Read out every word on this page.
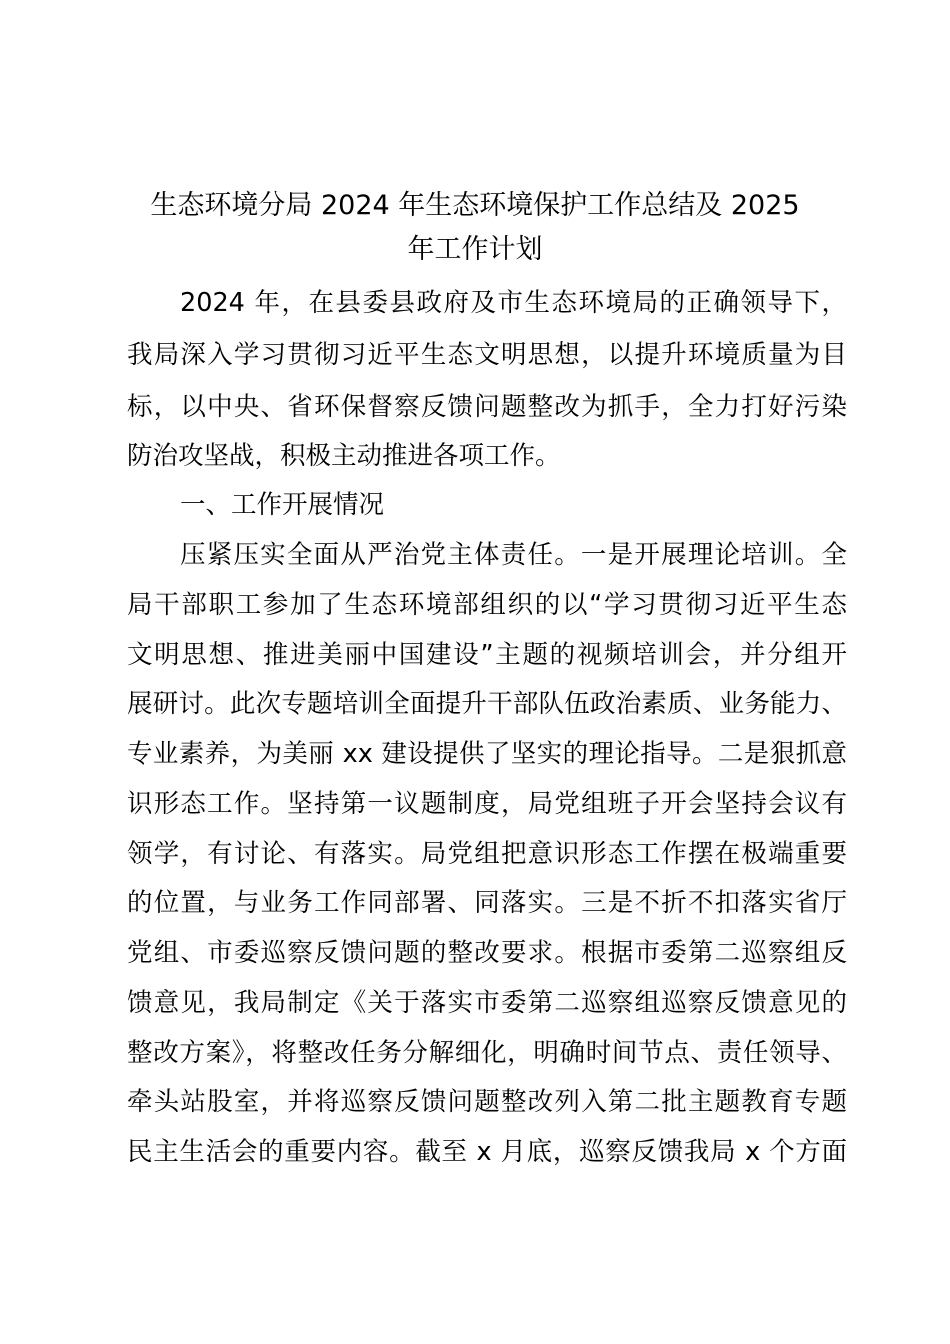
生态环境分局 2024 年生态环境保护工作总结及 2025
年工作计划
2024 年，在县委县政府及市生态环境局的正确领导下，
我局深入学习贯彻习近平生态文明思想，以提升环境质量为目
标，以中央、省环保督察反馈问题整改为抓手，全力打好污染
防治攻坚战，积极主动推进各项工作。
一、工作开展情况
压紧压实全面从严治党主体责任。一是开展理论培训。全
局干部职工参加了生态环境部组织的以“学习贯彻习近平生态
文明思想、推进美丽中国建设”主题的视频培训会，并分组开
展研讨。此次专题培训全面提升干部队伍政治素质、业务能力、
专业素养，为美丽 xx 建设提供了坚实的理论指导。二是狠抓意
识形态工作。坚持第一议题制度，局党组班子开会坚持会议有
领学，有讨论、有落实。局党组把意识形态工作摆在极端重要
的位置，与业务工作同部署、同落实。三是不折不扣落实省厅
党组、市委巡察反馈问题的整改要求。根据市委第二巡察组反
馈意见，我局制定《关于落实市委第二巡察组巡察反馈意见的
整改方案》，将整改任务分解细化，明确时间节点、责任领导、
牵头站股室，并将巡察反馈问题整改列入第二批主题教育专题
民主生活会的重要内容。截至 x 月底，巡察反馈我局 x 个方面
